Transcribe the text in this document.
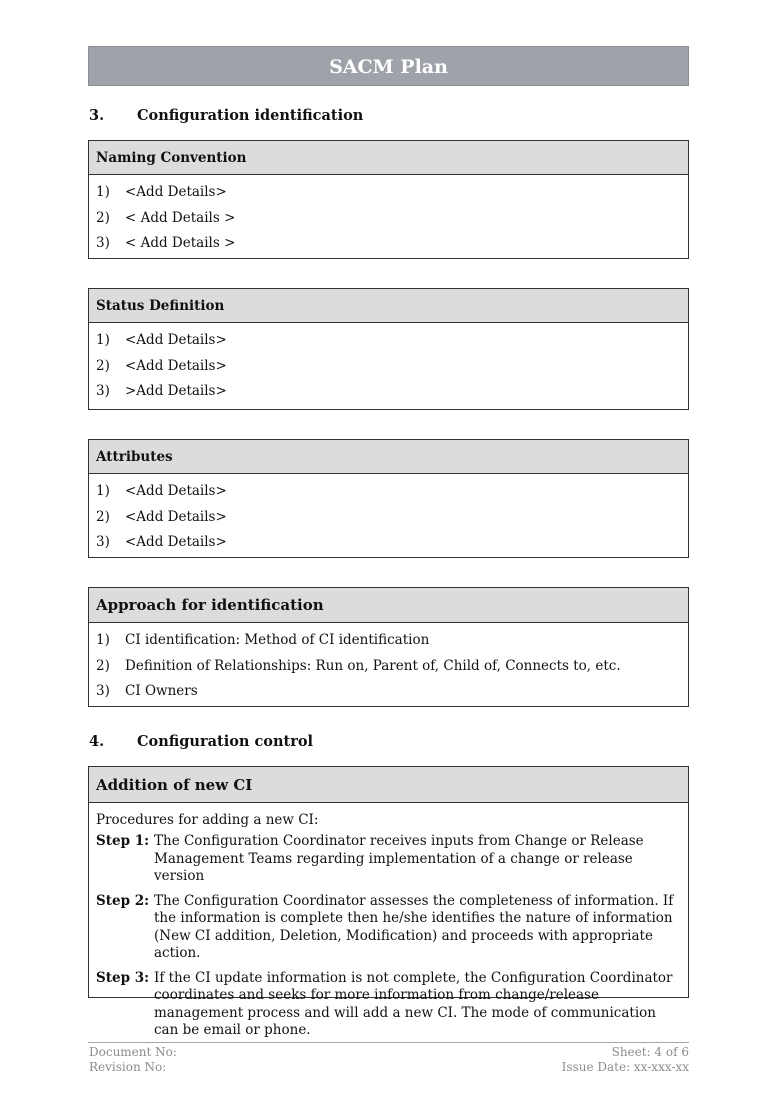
SACM Plan
3. Configuration identification
Naming Convention
1)	<Add Details>
2)	< Add Details >
3)	< Add Details >
Status Definition
1)	<Add Details>
2)	<Add Details>
3)	>Add Details>
Attributes
1)	<Add Details>
2)	<Add Details>
3)	<Add Details>
Approach for identification
1)	CI identification: Method of CI identification
2)	Definition of Relationships: Run on, Parent of, Child of, Connects to, etc.
3)	CI Owners
4. Configuration control
Addition of new CI
Procedures for adding a new CI:
Step 1: The Configuration Coordinator receives inputs from Change or Release Management Teams regarding implementation of a change or release version
Step 2: The Configuration Coordinator assesses the completeness of information. If the information is complete then he/she identifies the nature of information (New CI addition, Deletion, Modification) and proceeds with appropriate action.
Step 3: If the CI update information is not complete, the Configuration Coordinator coordinates and seeks for more information from change/release management process and will add a new CI. The mode of communication can be email or phone.
Document No:
Revision No:
Sheet: 4 of 6
Issue Date: xx-xxx-xx
